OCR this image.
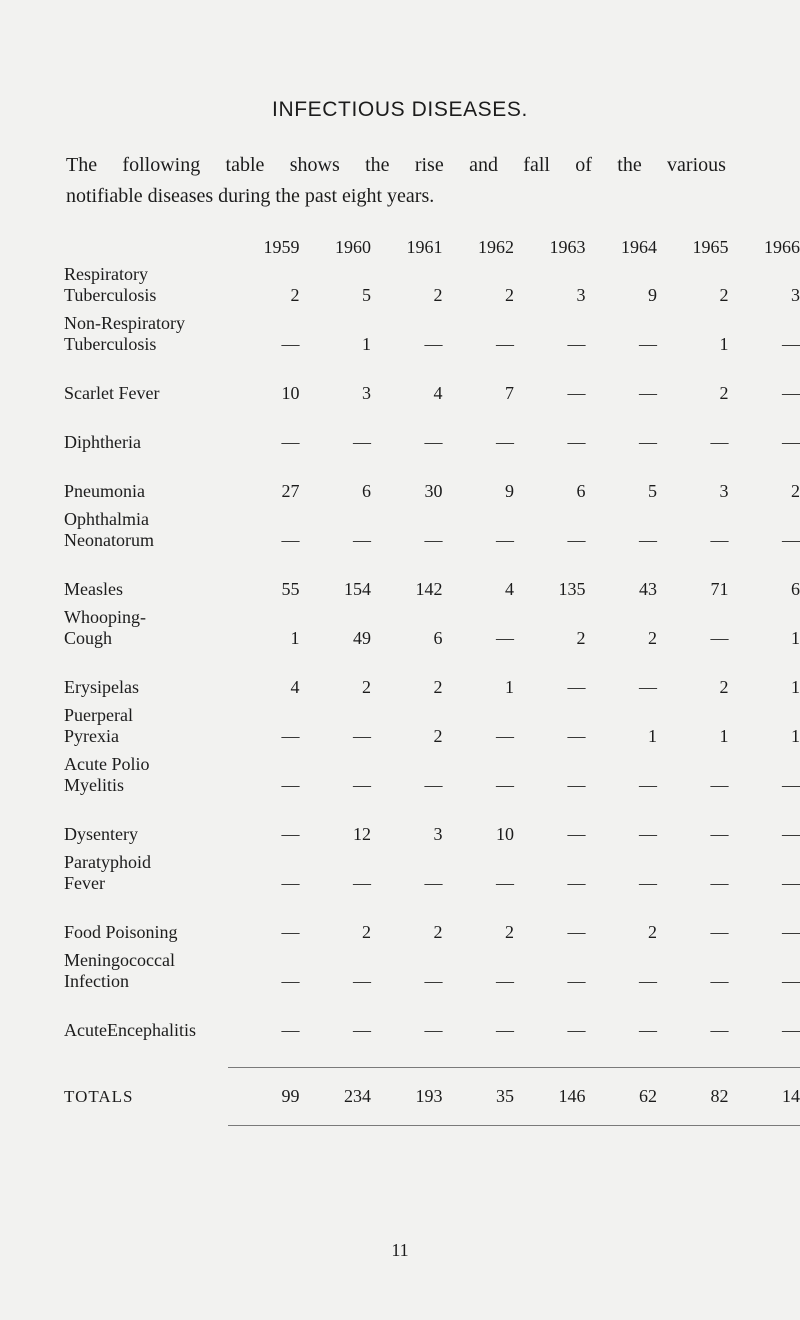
INFECTIOUS DISEASES.
The following table shows the rise and fall of the various
notifiable diseases during the past eight years.
	1959	1960	1961	1962	1963	1964	1965	1966

Respiratory
Tuberculosis	2	5	2	2	3	9	2	3

Non-Respiratory
Tuberculosis	—	1	—	—	—	—	1	—

Scarlet Fever	10	3	4	7	—	—	2	—

Diphtheria	—	—	—	—	—	—	—	—

Pneumonia	27	6	30	9	6	5	3	2

Ophthalmia
Neonatorum	—	—	—	—	—	—	—	—

Measles	55	154	142	4	135	43	71	6

Whooping-
Cough	1	49	6	—	2	2	—	1

Erysipelas	4	2	2	1	—	—	2	1

Puerperal
Pyrexia	—	—	2	—	—	1	1	1

Acute Polio
Myelitis	—	—	—	—	—	—	—	—

Dysentery	—	12	3	10	—	—	—	—

Paratyphoid
Fever	—	—	—	—	—	—	—	—

Food Poisoning	—	2	2	2	—	2	—	—

Meningococcal
Infection	—	—	—	—	—	—	—	—

AcuteEncephalitis	—	—	—	—	—	—	—	—

TOTALS	99	234	193	35	146	62	82	14
11
